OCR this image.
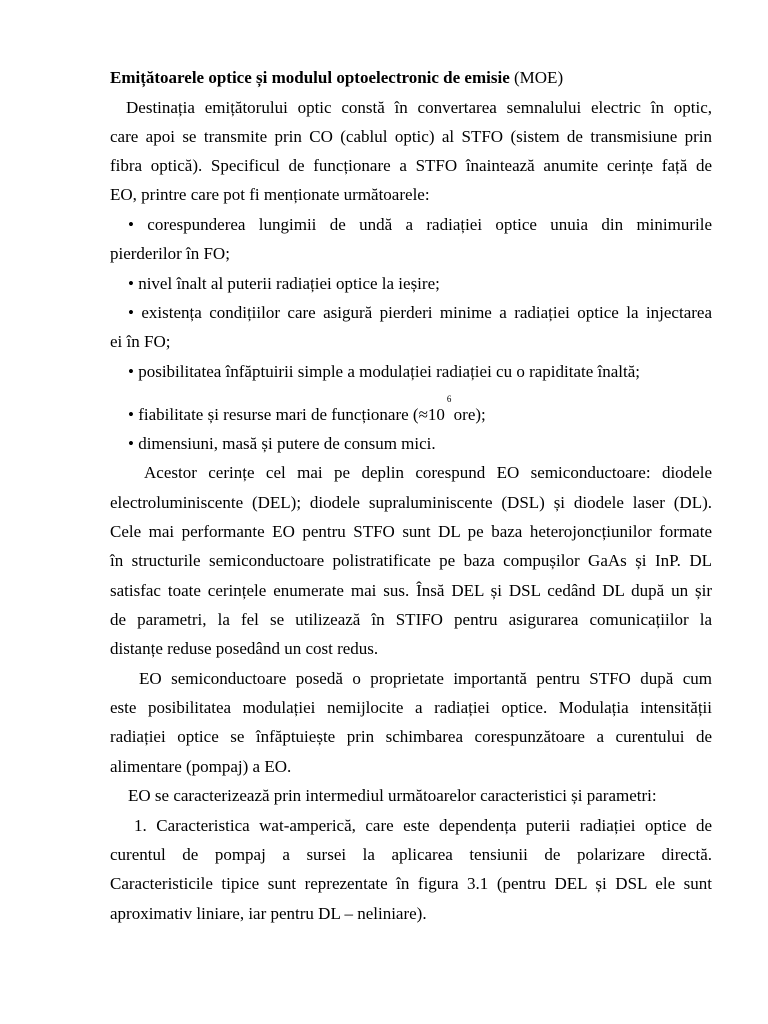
Emițătoarele optice și modulul optoelectronic de emisie (MOE)
Destinația emițătorului optic constă în convertarea semnalului electric în optic,
care apoi se transmite prin CO (cablul optic) al STFO (sistem de transmisiune prin
fibra optică). Specificul de funcționare a STFO înaintează anumite cerințe față de
EO, printre care pot fi menționate următoarele:
• corespunderea lungimii de undă a radiației optice unuia din minimurile
pierderilor în FO;
• nivel înalt al puterii radiației optice la ieșire;
• existența condițiilor care asigură pierderi minime a radiației optice la injectarea
ei în FO;
• posibilitatea înfăptuirii simple a modulației radiației cu o rapiditate înaltă;
• fiabilitate și resurse mari de funcționare ($\approx 10^6$ ore);
• dimensiuni, masă și putere de consum mici.
Acestor cerințe cel mai pe deplin corespund EO semiconductoare: diodele
electroluminiscente (DEL); diodele supraluminiscente (DSL) și diodele laser (DL).
Cele mai performante EO pentru STFO sunt DL pe baza heterojoncțiunilor formate
în structurile semiconductoare polistratificate pe baza compușilor GaAs și InP. DL
satisfac toate cerințele enumerate mai sus. Însă DEL și DSL cedând DL după un șir
de parametri, la fel se utilizează în STIFO pentru asigurarea comunicațiilor la
distanțe reduse posedând un cost redus.
EO semiconductoare posedă o proprietate importantă pentru STFO după cum
este posibilitatea modulației nemijlocite a radiației optice. Modulația intensității
radiației optice se înfăptuiește prin schimbarea corespunzătoare a curentului de
alimentare (pompaj) a EO.
EO se caracterizează prin intermediul următoarelor caracteristici și parametri:
1. Caracteristica wat-amperică, care este dependența puterii radiației optice de
curentul de pompaj a sursei la aplicarea tensiunii de polarizare directă.
Caracteristicile tipice sunt reprezentate în figura 3.1 (pentru DEL și DSL ele sunt
aproximativ liniare, iar pentru DL – neliniare).
